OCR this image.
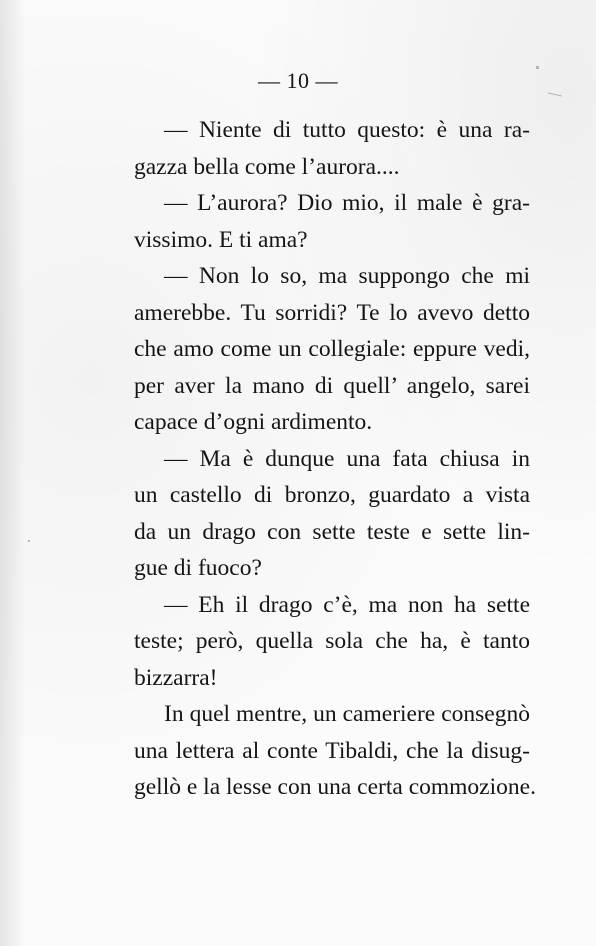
— 10 —
— Niente di tutto questo: è una ra-
gazza bella come l’aurora....
— L’aurora? Dio mio, il male è gra-
vissimo. E ti ama?
— Non lo so, ma suppongo che mi
amerebbe. Tu sorridi? Te lo avevo detto
che amo come un collegiale: eppure vedi,
per aver la mano di quell’ angelo, sarei
capace d’ogni ardimento.
— Ma è dunque una fata chiusa in
un castello di bronzo, guardato a vista
da un drago con sette teste e sette lin-
gue di fuoco?
— Eh il drago c’è, ma non ha sette
teste; però, quella sola che ha, è tanto
bizzarra!
In quel mentre, un cameriere consegnò
una lettera al conte Tibaldi, che la disug-
gellò e la lesse con una certa commozione.
